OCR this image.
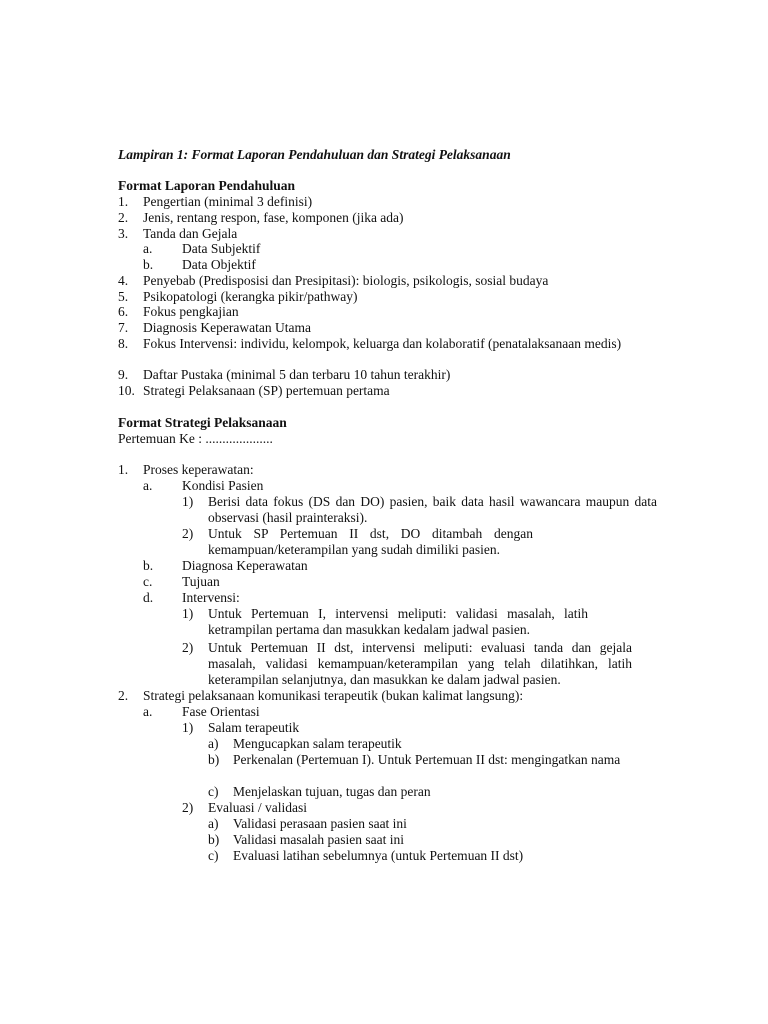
Lampiran 1: Format Laporan Pendahuluan dan Strategi Pelaksanaan
Format Laporan Pendahuluan
1. Pengertian (minimal 3 definisi)
2. Jenis, rentang respon, fase, komponen (jika ada)
3. Tanda dan Gejala
a. Data Subjektif
b. Data Objektif
4. Penyebab (Predisposisi dan Presipitasi): biologis, psikologis, sosial budaya
5. Psikopatologi (kerangka pikir/pathway)
6. Fokus pengkajian
7. Diagnosis Keperawatan Utama
8. Fokus Intervensi: individu, kelompok, keluarga dan kolaboratif (penatalaksanaan medis)
9. Daftar Pustaka (minimal 5 dan terbaru 10 tahun terakhir)
10. Strategi Pelaksanaan (SP) pertemuan pertama
Format Strategi Pelaksanaan
Pertemuan Ke : ....................
1. Proses keperawatan:
a. Kondisi Pasien
1) Berisi data fokus (DS dan DO) pasien, baik data hasil wawancara maupun data observasi (hasil prainteraksi).
2) Untuk SP Pertemuan II dst, DO ditambah dengan kemampuan/keterampilan yang sudah dimiliki pasien.
b. Diagnosa Keperawatan
c. Tujuan
d. Intervensi:
1) Untuk Pertemuan I, intervensi meliputi: validasi masalah, latih ketrampilan pertama dan masukkan kedalam jadwal pasien.
2) Untuk Pertemuan II dst, intervensi meliputi: evaluasi tanda dan gejala masalah, validasi kemampuan/keterampilan yang telah dilatihkan, latih keterampilan selanjutnya, dan masukkan ke dalam jadwal pasien.
2. Strategi pelaksanaan komunikasi terapeutik (bukan kalimat langsung):
a. Fase Orientasi
1) Salam terapeutik
a) Mengucapkan salam terapeutik
b) Perkenalan (Pertemuan I). Untuk Pertemuan II dst: mengingatkan nama
c) Menjelaskan tujuan, tugas dan peran
2) Evaluasi / validasi
a) Validasi perasaan pasien saat ini
b) Validasi masalah pasien saat ini
c) Evaluasi latihan sebelumnya (untuk Pertemuan II dst)
